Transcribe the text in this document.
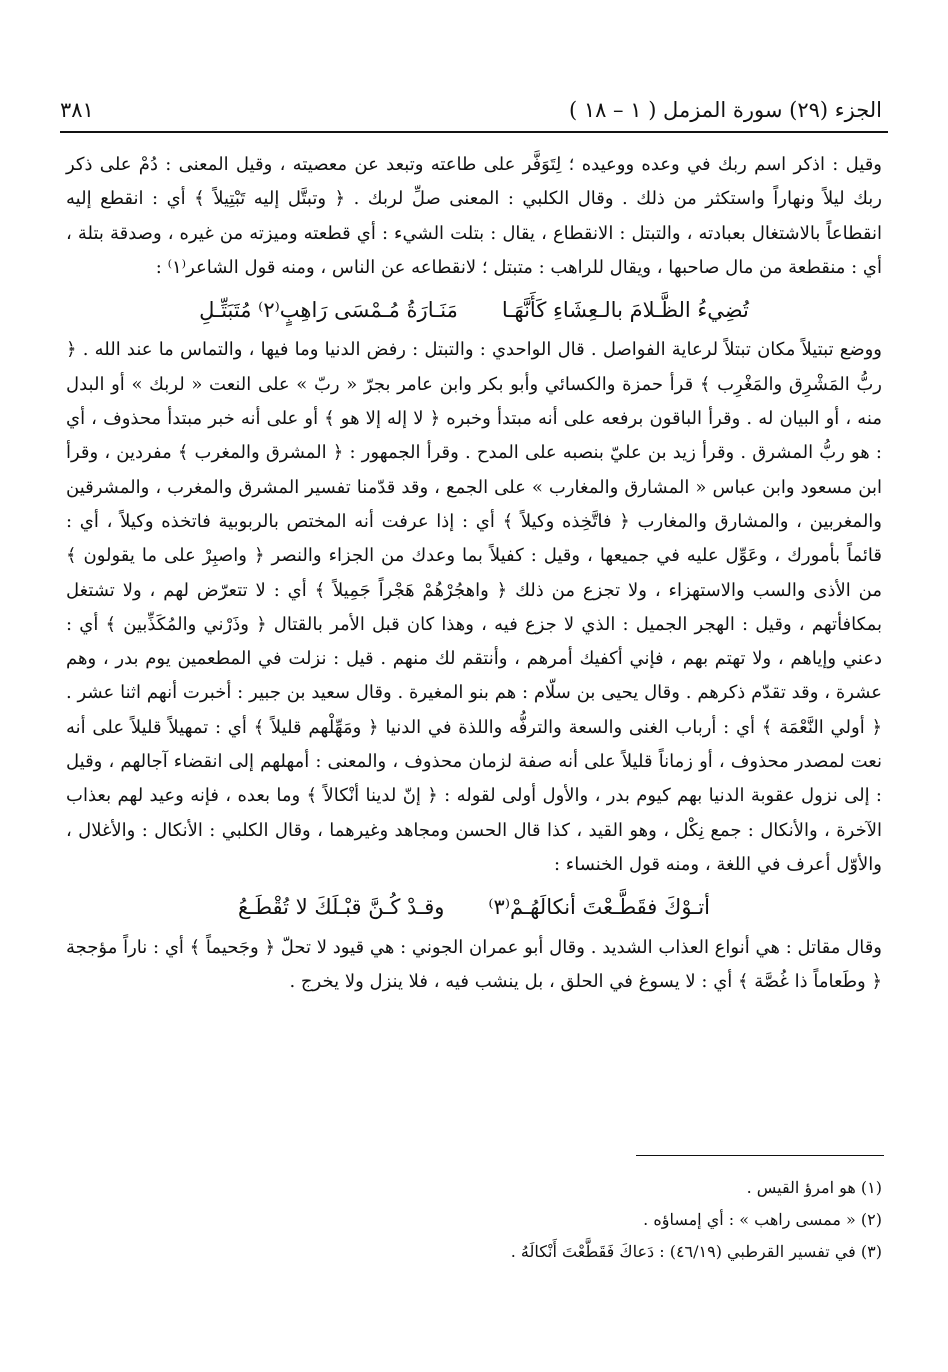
الجزء (٢٩) سورة المزمل ( ١ – ١٨ )
٣٨١

وقيل : اذكر اسم ربك في وعده ووعيده ؛ لِتَوَفَّر على طاعته وتبعد عن معصيته ، وقيل المعنى : دُمْ على ذكر ربك ليلاً ونهاراً واستكثر من ذلك . وقال الكلبي : المعنى صلِّ لربك . ﴿ وتبتَّل إليه تَبْتِيلاً ﴾ أي : انقطع إليه انقطاعاً بالاشتغال بعبادته ، والتبتل : الانقطاع ، يقال : بتلت الشيء : أي قطعته وميزته من غيره ، وصدقة بتلة ، أي : منقطعة من مال صاحبها ، ويقال للراهب : متبتل ؛ لانقطاعه عن الناس ، ومنه قول الشاعر⁽١⁾ :

تُضِيءُ الظَّـلامَ بالـعِشَاءِ كَأَنَّهَـا
مَنَـارَةُ مُـمْسَى رَاهِبٍ⁽٢⁾ مُتَبَتِّـلِ

ووضع تبتيلاً مكان تبتلاً لرعاية الفواصل . قال الواحدي : والتبتل : رفض الدنيا وما فيها ، والتماس ما عند الله . ﴿ ربُّ المَشْرِق والمَغْرِب ﴾ قرأ حمزة والكسائي وأبو بكر وابن عامر بجرّ « ربّ » على النعت « لربك » أو البدل منه ، أو البيان له . وقرأ الباقون برفعه على أنه مبتدأ وخبره ﴿ لا إله إلا هو ﴾ أو على أنه خبر مبتدأ محذوف ، أي : هو ربُّ المشرق . وقرأ زيد بن عليّ بنصبه على المدح . وقرأ الجمهور : ﴿ المشرق والمغرب ﴾ مفردين ، وقرأ ابن مسعود وابن عباس « المشارق والمغارب » على الجمع ، وقد قدّمنا تفسير المشرق والمغرب ، والمشرقين والمغربين ، والمشارق والمغارب ﴿ فاتَّخِذه وكيلاً ﴾ أي : إذا عرفت أنه المختص بالربوبية فاتخذه وكيلاً ، أي : قائماً بأمورك ، وعَوِّل عليه في جميعها ، وقيل : كفيلاً بما وعدك من الجزاء والنصر ﴿ واصبِرْ على ما يقولون ﴾ من الأذى والسب والاستهزاء ، ولا تجزع من ذلك ﴿ واهجُرْهُمْ هَجْراً جَمِيلاً ﴾ أي : لا تتعرّض لهم ، ولا تشتغل بمكافأتهم ، وقيل : الهجر الجميل : الذي لا جزع فيه ، وهذا كان قبل الأمر بالقتال ﴿ وذَرْني والمُكَذِّبين ﴾ أي : دعني وإياهم ، ولا تهتم بهم ، فإني أكفيك أمرهم ، وأنتقم لك منهم . قيل : نزلت في المطعمين يوم بدر ، وهم عشرة ، وقد تقدّم ذكرهم . وقال يحيى بن سلّام : هم بنو المغيرة . وقال سعيد بن جبير : أخبرت أنهم اثنا عشر . ﴿ أولي النَّعْمَة ﴾ أي : أرباب الغنى والسعة والترفُّه واللذة في الدنيا ﴿ ومَهِّلْهم قليلاً ﴾ أي : تمهيلاً قليلاً على أنه نعت لمصدر محذوف ، أو زماناً قليلاً على أنه صفة لزمان محذوف ، والمعنى : أمهلهم إلى انقضاء آجالهم ، وقيل : إلى نزول عقوبة الدنيا بهم كيوم بدر ، والأول أولى لقوله : ﴿ إنّ لدينا أنْكالاً ﴾ وما بعده ، فإنه وعيد لهم بعذاب الآخرة ، والأنكال : جمع نِكْل ، وهو القيد ، كذا قال الحسن ومجاهد وغيرهما ، وقال الكلبي : الأنكال : والأغلال ، والأوّل أعرف في اللغة ، ومنه قول الخنساء :

أتـوْكَ فقَطَّـعْتَ أنكالَهُـمْ⁽٣⁾
وقـدْ كُـنَّ قبْـلَكَ لا تُقْطَـعُ

وقال مقاتل : هي أنواع العذاب الشديد . وقال أبو عمران الجوني : هي قيود لا تحلّ ﴿ وجَحيماً ﴾ أي : ناراً مؤججة ﴿ وطَعاماً ذا غُصَّة ﴾ أي : لا يسوغ في الحلق ، بل ينشب فيه ، فلا ينزل ولا يخرج .

(١) هو امرؤ القيس .
(٢) « ممسى راهب » : أي إمساؤه .
(٣) في تفسير القرطبي (٤٦/١٩) : دَعاكَ فَقَطَّعْتَ أَنْكالَهُ .
